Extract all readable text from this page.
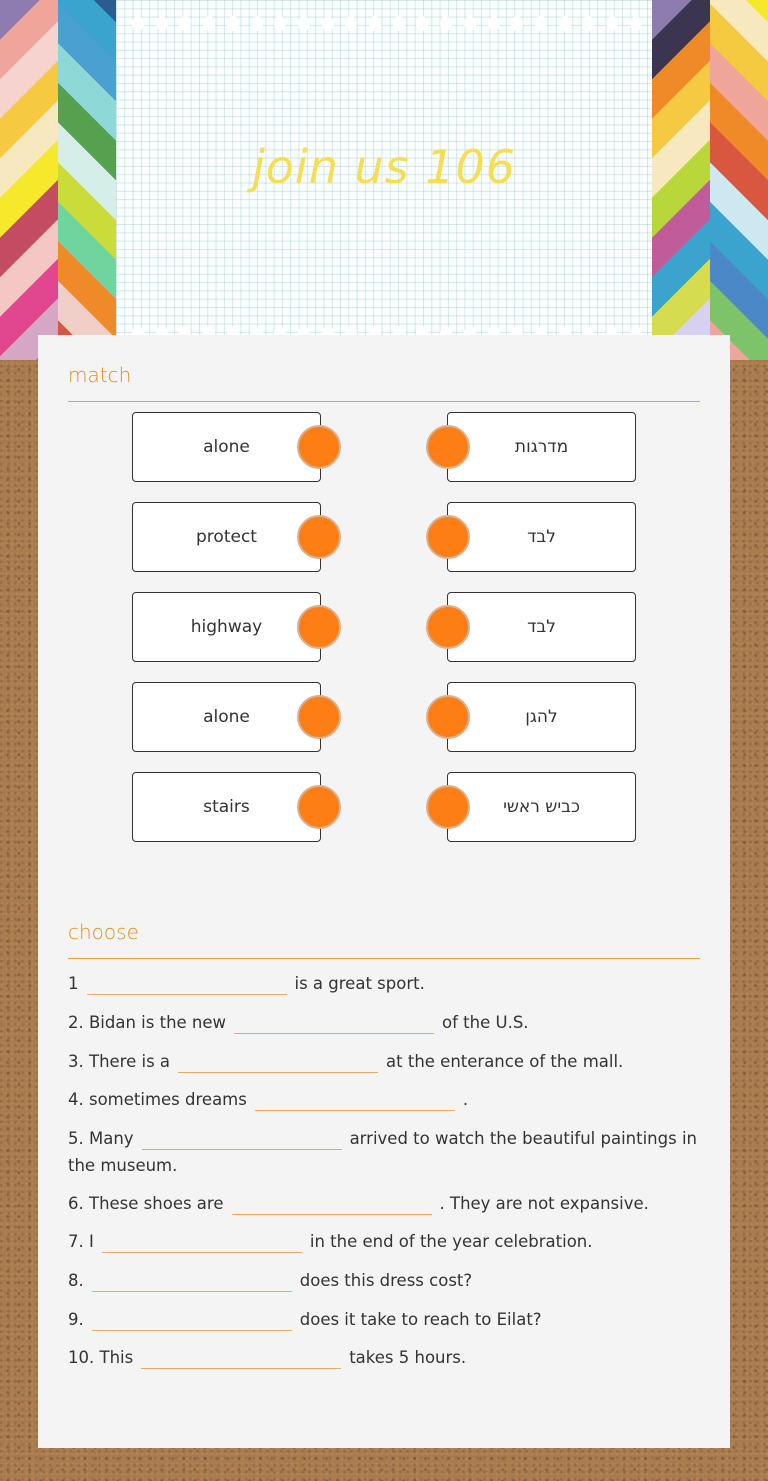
join us 106
match
alone	מדרגות
protect	לבד
highway	לבד
alone	להגן
stairs	כביש ראשי
choose
1	is a great sport.
2. Bidan is the new	of the U.S.
3. There is a	at the enterance of the mall.
4. sometimes dreams	.
5. Many	arrived to watch the beautiful paintings in the museum.
6. These shoes are	. They are not expansive.
7. I	in the end of the year celebration.
8.	does this dress cost?
9.	does it take to reach to Eilat?
10. This	takes 5 hours.
